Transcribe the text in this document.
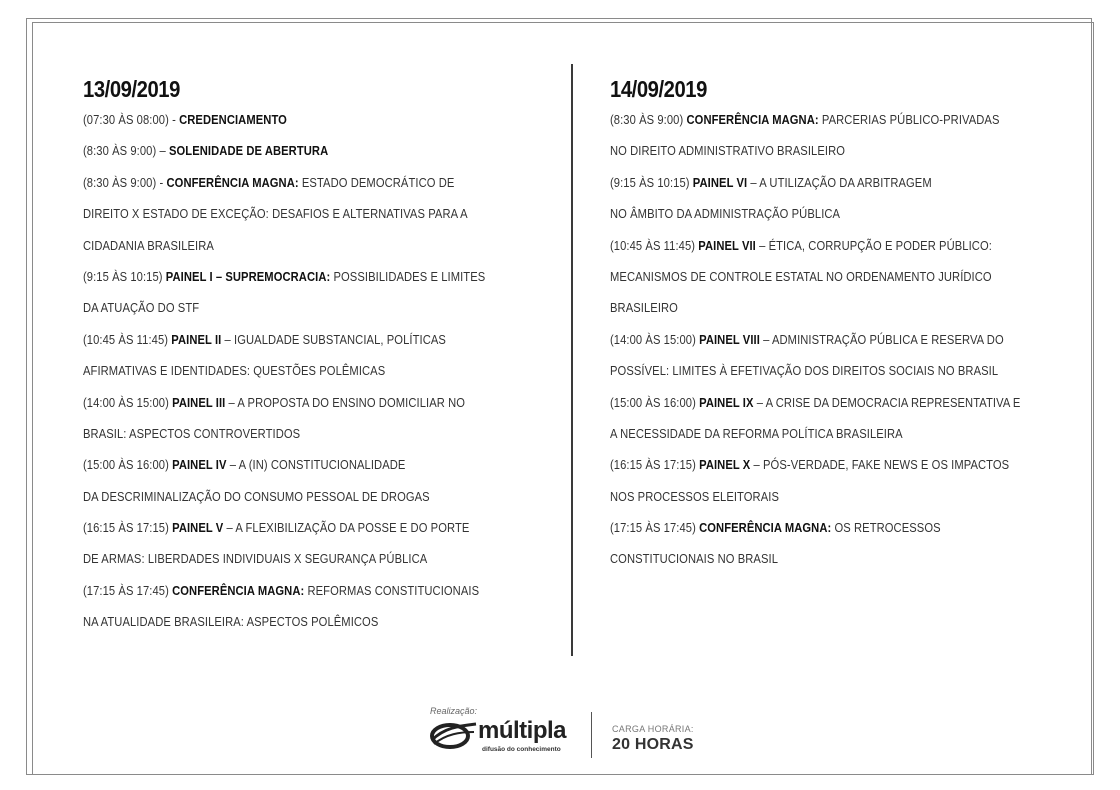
13/09/2019
(07:30 ÀS 08:00) - CREDENCIAMENTO
(8:30 ÀS 9:00) – SOLENIDADE DE ABERTURA
(8:30 ÀS 9:00) - CONFERÊNCIA MAGNA: ESTADO DEMOCRÁTICO DE
DIREITO X ESTADO DE EXCEÇÃO: DESAFIOS E ALTERNATIVAS PARA A
CIDADANIA BRASILEIRA
(9:15 ÀS 10:15) PAINEL I – SUPREMOCRACIA: POSSIBILIDADES E LIMITES
DA ATUAÇÃO DO STF
(10:45 ÀS 11:45) PAINEL II – IGUALDADE SUBSTANCIAL, POLÍTICAS
AFIRMATIVAS E IDENTIDADES: QUESTÕES POLÊMICAS
(14:00 ÀS 15:00) PAINEL III – A PROPOSTA DO ENSINO DOMICILIAR NO
BRASIL: ASPECTOS CONTROVERTIDOS
(15:00 ÀS 16:00) PAINEL IV – A (IN) CONSTITUCIONALIDADE
DA DESCRIMINALIZAÇÃO DO CONSUMO PESSOAL DE DROGAS
(16:15 ÀS 17:15) PAINEL V – A FLEXIBILIZAÇÃO DA POSSE E DO PORTE
DE ARMAS: LIBERDADES INDIVIDUAIS X SEGURANÇA PÚBLICA
(17:15 ÀS 17:45) CONFERÊNCIA MAGNA: REFORMAS CONSTITUCIONAIS
NA ATUALIDADE BRASILEIRA: ASPECTOS POLÊMICOS
14/09/2019
(8:30 ÀS 9:00) CONFERÊNCIA MAGNA: PARCERIAS PÚBLICO-PRIVADAS
NO DIREITO ADMINISTRATIVO BRASILEIRO
(9:15 ÀS 10:15) PAINEL VI – A UTILIZAÇÃO DA ARBITRAGEM
NO ÂMBITO DA ADMINISTRAÇÃO PÚBLICA
(10:45 ÀS 11:45) PAINEL VII – ÉTICA, CORRUPÇÃO E PODER PÚBLICO:
MECANISMOS DE CONTROLE ESTATAL NO ORDENAMENTO JURÍDICO
BRASILEIRO
(14:00 ÀS 15:00) PAINEL VIII – ADMINISTRAÇÃO PÚBLICA E RESERVA DO
POSSÍVEL: LIMITES À EFETIVAÇÃO DOS DIREITOS SOCIAIS NO BRASIL
(15:00 ÀS 16:00) PAINEL IX – A CRISE DA DEMOCRACIA REPRESENTATIVA E
A NECESSIDADE DA REFORMA POLÍTICA BRASILEIRA
(16:15 ÀS 17:15) PAINEL X – PÓS-VERDADE, FAKE NEWS E OS IMPACTOS
NOS PROCESSOS ELEITORAIS
(17:15 ÀS 17:45) CONFERÊNCIA MAGNA: OS RETROCESSOS
CONSTITUCIONAIS NO BRASIL
Realização:
múltipla
difusão do conhecimento
CARGA HORÁRIA:
20 HORAS
